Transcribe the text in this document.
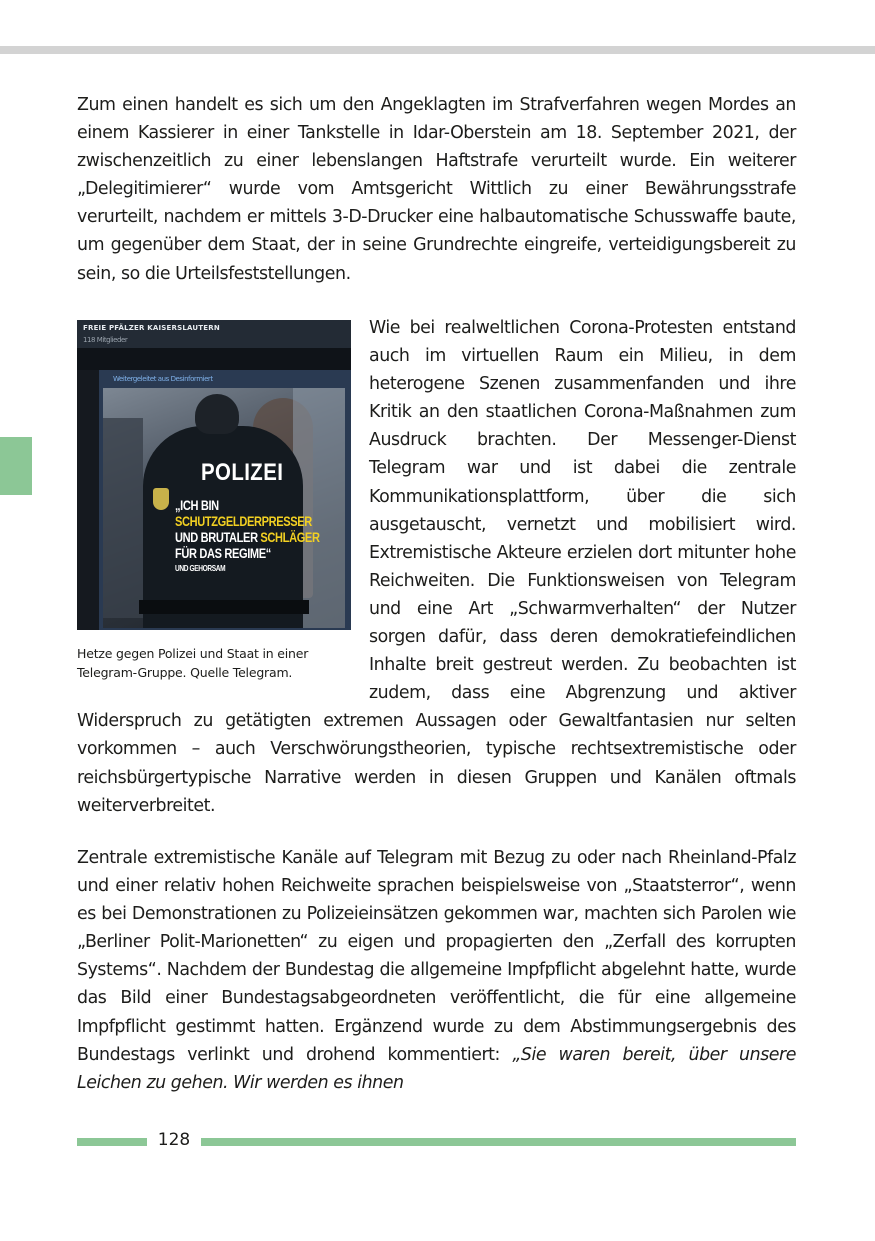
Zum einen handelt es sich um den Angeklagten im Strafverfahren wegen Mordes an einem Kassierer in einer Tankstelle in Idar-Oberstein am 18. September 2021, der zwischenzeitlich zu einer lebenslangen Haftstrafe verurteilt wurde. Ein weiterer „Delegitimierer“ wurde vom Amtsgericht Wittlich zu einer Bewährungsstrafe verurteilt, nachdem er mittels 3-D-Drucker eine halbautomatische Schusswaffe baute, um gegenüber dem Staat, der in seine Grundrechte eingreife, verteidigungsbereit zu sein, so die Urteilsfeststellungen.

FREIE PFÄLZER KAISERSLAUTERN
118 Mitglieder
Weitergeleitet aus Desinformiert
POLIZEI
„ICH BIN
SCHUTZGELDERPRESSER
UND BRUTALER SCHLÄGER
FÜR DAS REGIME“
UND GEHORSAM
Hetze gegen Polizei und Staat in einer Telegram-Gruppe. Quelle Telegram.

Wie bei realweltlichen Corona-Protesten entstand auch im virtuellen Raum ein Milieu, in dem heterogene Szenen zusammenfanden und ihre Kritik an den staatlichen Corona-Maßnahmen zum Ausdruck brachten. Der Messenger-Dienst Telegram war und ist dabei die zentrale Kommunikationsplattform, über die sich ausgetauscht, vernetzt und mobilisiert wird. Extremistische Akteure erzielen dort mitunter hohe Reichweiten. Die Funktionsweisen von Telegram und eine Art „Schwarmverhalten“ der Nutzer sorgen dafür, dass deren demokratiefeindlichen Inhalte breit gestreut werden. Zu beobachten ist zudem, dass eine Abgrenzung und aktiver Widerspruch zu getätigten extremen Aussagen oder Gewaltfantasien nur selten vorkommen – auch Verschwörungstheorien, typische rechtsextremistische oder reichsbürgertypische Narrative werden in diesen Gruppen und Kanälen oftmals weiterverbreitet.

Zentrale extremistische Kanäle auf Telegram mit Bezug zu oder nach Rheinland-Pfalz und einer relativ hohen Reichweite sprachen beispielsweise von „Staatsterror“, wenn es bei Demonstrationen zu Polizeieinsätzen gekommen war, machten sich Parolen wie „Berliner Polit-Marionetten“ zu eigen und propagierten den „Zerfall des korrupten Systems“. Nachdem der Bundestag die allgemeine Impfpflicht abgelehnt hatte, wurde das Bild einer Bundestagsabgeordneten veröffentlicht, die für eine allgemeine Impfpflicht gestimmt hatten. Ergänzend wurde zu dem Abstimmungsergebnis des Bundestags verlinkt und drohend kommentiert: „Sie waren bereit, über unsere Leichen zu gehen. Wir werden es ihnen

128
